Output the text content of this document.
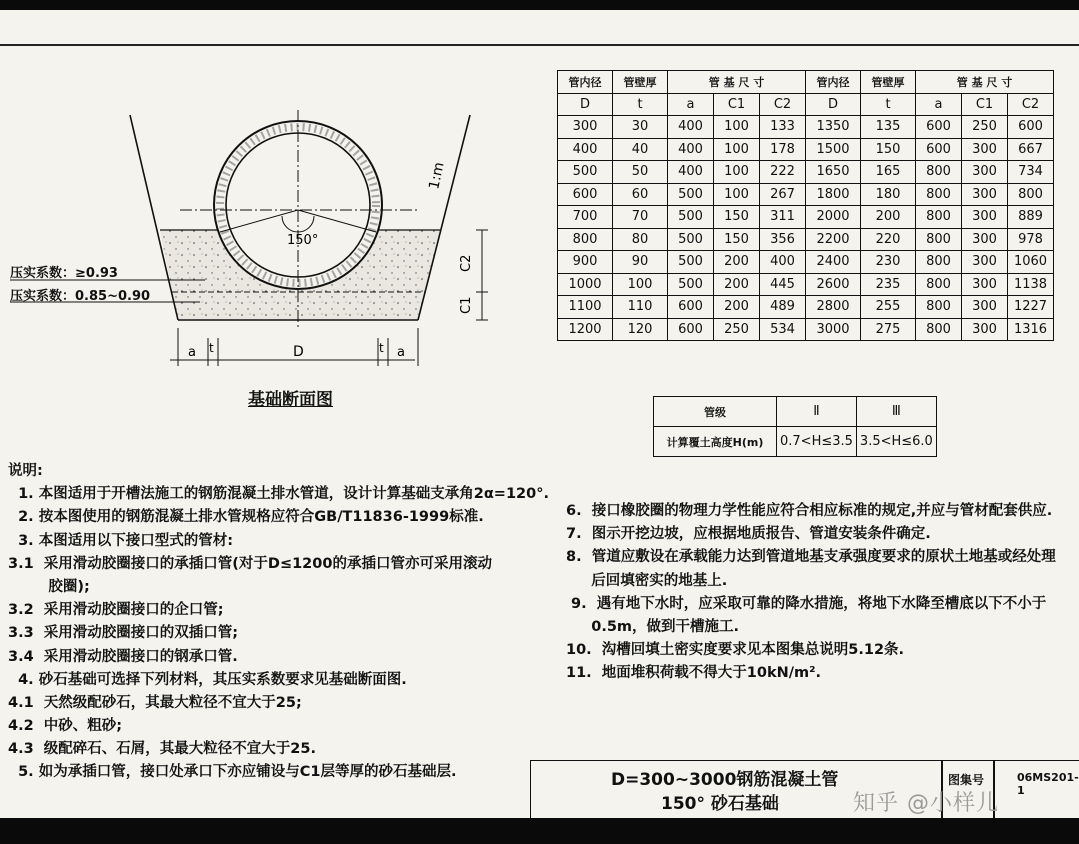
150°
1:m
C2
C1
a t	D	t a
压实系数：≥0.93
压实系数：0.85~0.90
基础断面图
管内径	管壁厚	管 基 尺 寸			管内径	管壁厚	管 基 尺 寸		
D	t	a	C1	C2	D	t	a	C1	C2
300	30	400	100	133	1350	135	600	250	600
400	40	400	100	178	1500	150	600	300	667
500	50	400	100	222	1650	165	800	300	734
600	60	500	100	267	1800	180	800	300	800
700	70	500	150	311	2000	200	800	300	889
800	80	500	150	356	2200	220	800	300	978
900	90	500	200	400	2400	230	800	300	1060
1000	100	500	200	445	2600	235	800	300	1138
1100	110	600	200	489	2800	255	800	300	1227
1200	120	600	250	534	3000	275	800	300	1316
管级	Ⅱ	Ⅲ
计算覆土高度H(m)	0.7<H≤3.5	3.5<H≤6.0
说明:
1. 本图适用于开槽法施工的钢筋混凝土排水管道，设计计算基础支承角2α=120°.
2. 按本图使用的钢筋混凝土排水管规格应符合GB/T11836-1999标准.
3. 本图适用以下接口型式的管材:
3.1  采用滑动胶圈接口的承插口管(对于D≤1200的承插口管亦可采用滚动
胶圈);
3.2  采用滑动胶圈接口的企口管;
3.3  采用滑动胶圈接口的双插口管;
3.4  采用滑动胶圈接口的钢承口管.
4. 砂石基础可选择下列材料，其压实系数要求见基础断面图.
4.1  天然级配砂石，其最大粒径不宜大于25;
4.2  中砂、粗砂;
4.3  级配碎石、石屑，其最大粒径不宜大于25.
5. 如为承插口管，接口处承口下亦应铺设与C1层等厚的砂石基础层.
6.  接口橡胶圈的物理力学性能应符合相应标准的规定,并应与管材配套供应.
7.  图示开挖边坡，应根据地质报告、管道安装条件确定.
8.  管道应敷设在承载能力达到管道地基支承强度要求的原状土地基或经处理
后回填密实的地基上.
9.  遇有地下水时，应采取可靠的降水措施，将地下水降至槽底以下不小于
0.5m，做到干槽施工.
10.  沟槽回填土密实度要求见本图集总说明5.12条.
11.  地面堆积荷载不得大于10kN/m².
D=300~3000钢筋混凝土管
150° 砂石基础
图集号	06MS201-1
知乎 @小样儿
